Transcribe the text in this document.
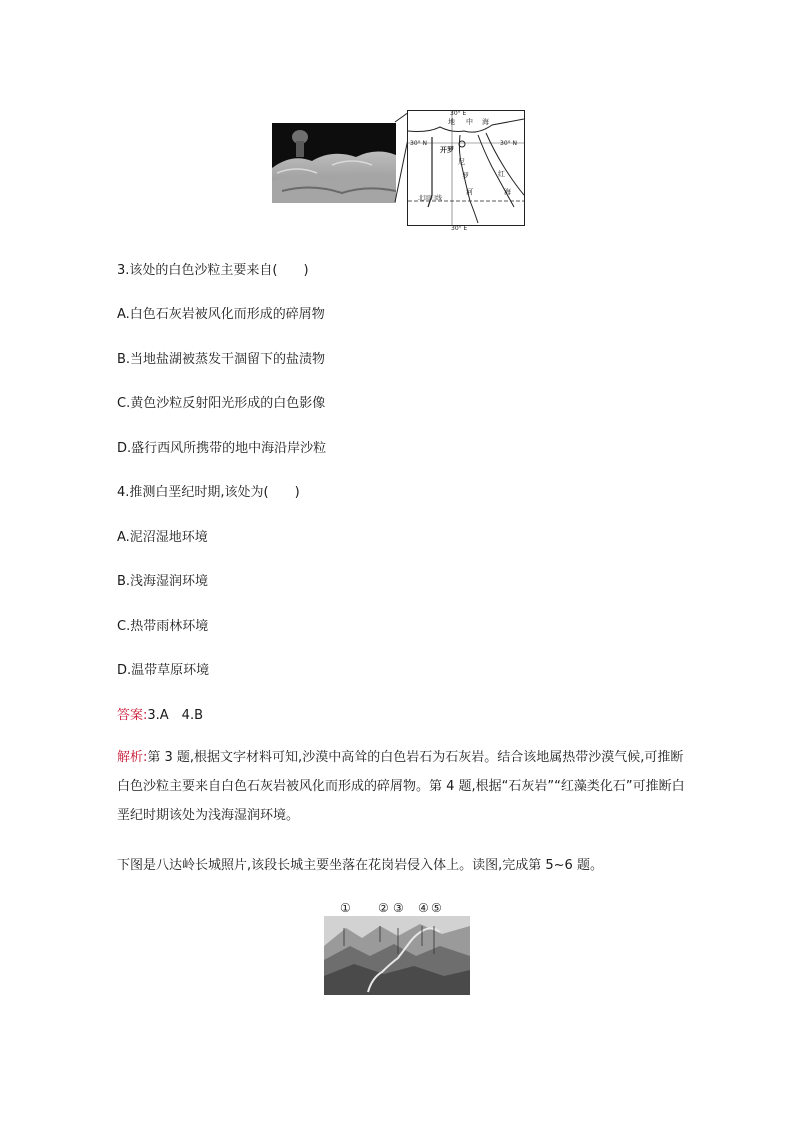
30° E
30° N	30° N
地 中 海
开罗
尼
罗
河
红
海
北回归线
30° E
3.该处的白色沙粒主要来自(　　)
A.白色石灰岩被风化而形成的碎屑物
B.当地盐湖被蒸发干涸留下的盐渍物
C.黄色沙粒反射阳光形成的白色影像
D.盛行西风所携带的地中海沿岸沙粒
4.推测白垩纪时期,该处为(　　)
A.泥沼湿地环境
B.浅海湿润环境
C.热带雨林环境
D.温带草原环境
答案:3.A　4.B
解析:第 3 题,根据文字材料可知,沙漠中高耸的白色岩石为石灰岩。结合该地属热带沙漠气候,可推断白色沙粒主要来自白色石灰岩被风化而形成的碎屑物。第 4 题,根据“石灰岩”“红藻类化石”可推断白垩纪时期该处为浅海湿润环境。
下图是八达岭长城照片,该段长城主要坐落在花岗岩侵入体上。读图,完成第 5~6 题。
① ② ③ ④ ⑤
